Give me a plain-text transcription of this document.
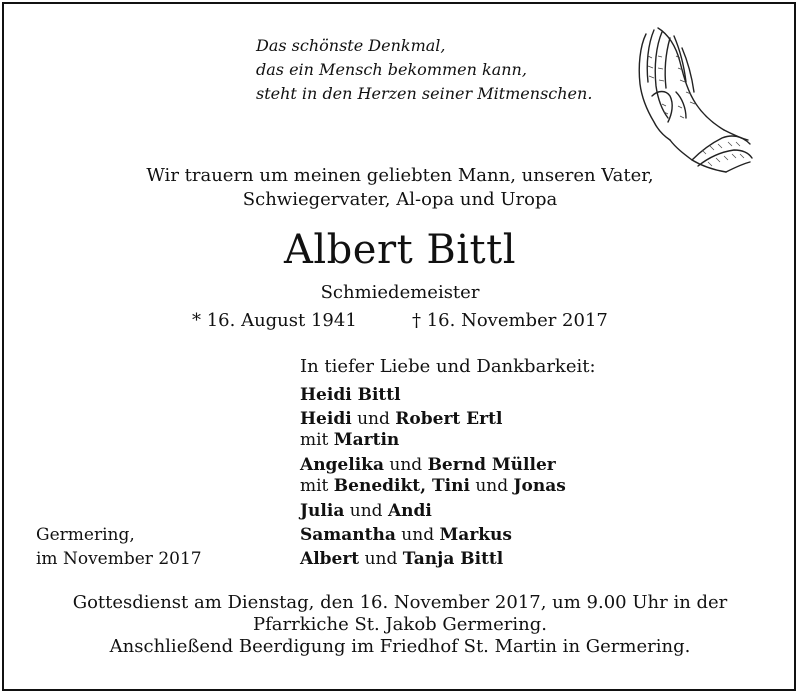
Das schönste Denkmal,
das ein Mensch bekommen kann,
steht in den Herzen seiner Mitmenschen.
Wir trauern um meinen geliebten Mann, unseren Vater,
Schwiegervater, Al-opa und Uropa
Albert Bittl
Schmiedemeister
* 16. August 1941	† 16. November 2017
In tiefer Liebe und Dankbarkeit:
Heidi Bittl
Heidi und Robert Ertl
mit Martin
Angelika und Bernd Müller
mit Benedikt, Tini und Jonas
Julia und Andi
Samantha und Markus
Albert und Tanja Bittl
Germering,
im November 2017
Gottesdienst am Dienstag, den 16. November 2017, um 9.00 Uhr in der
Pfarrkiche St. Jakob Germering.
Anschließend Beerdigung im Friedhof St. Martin in Germering.
